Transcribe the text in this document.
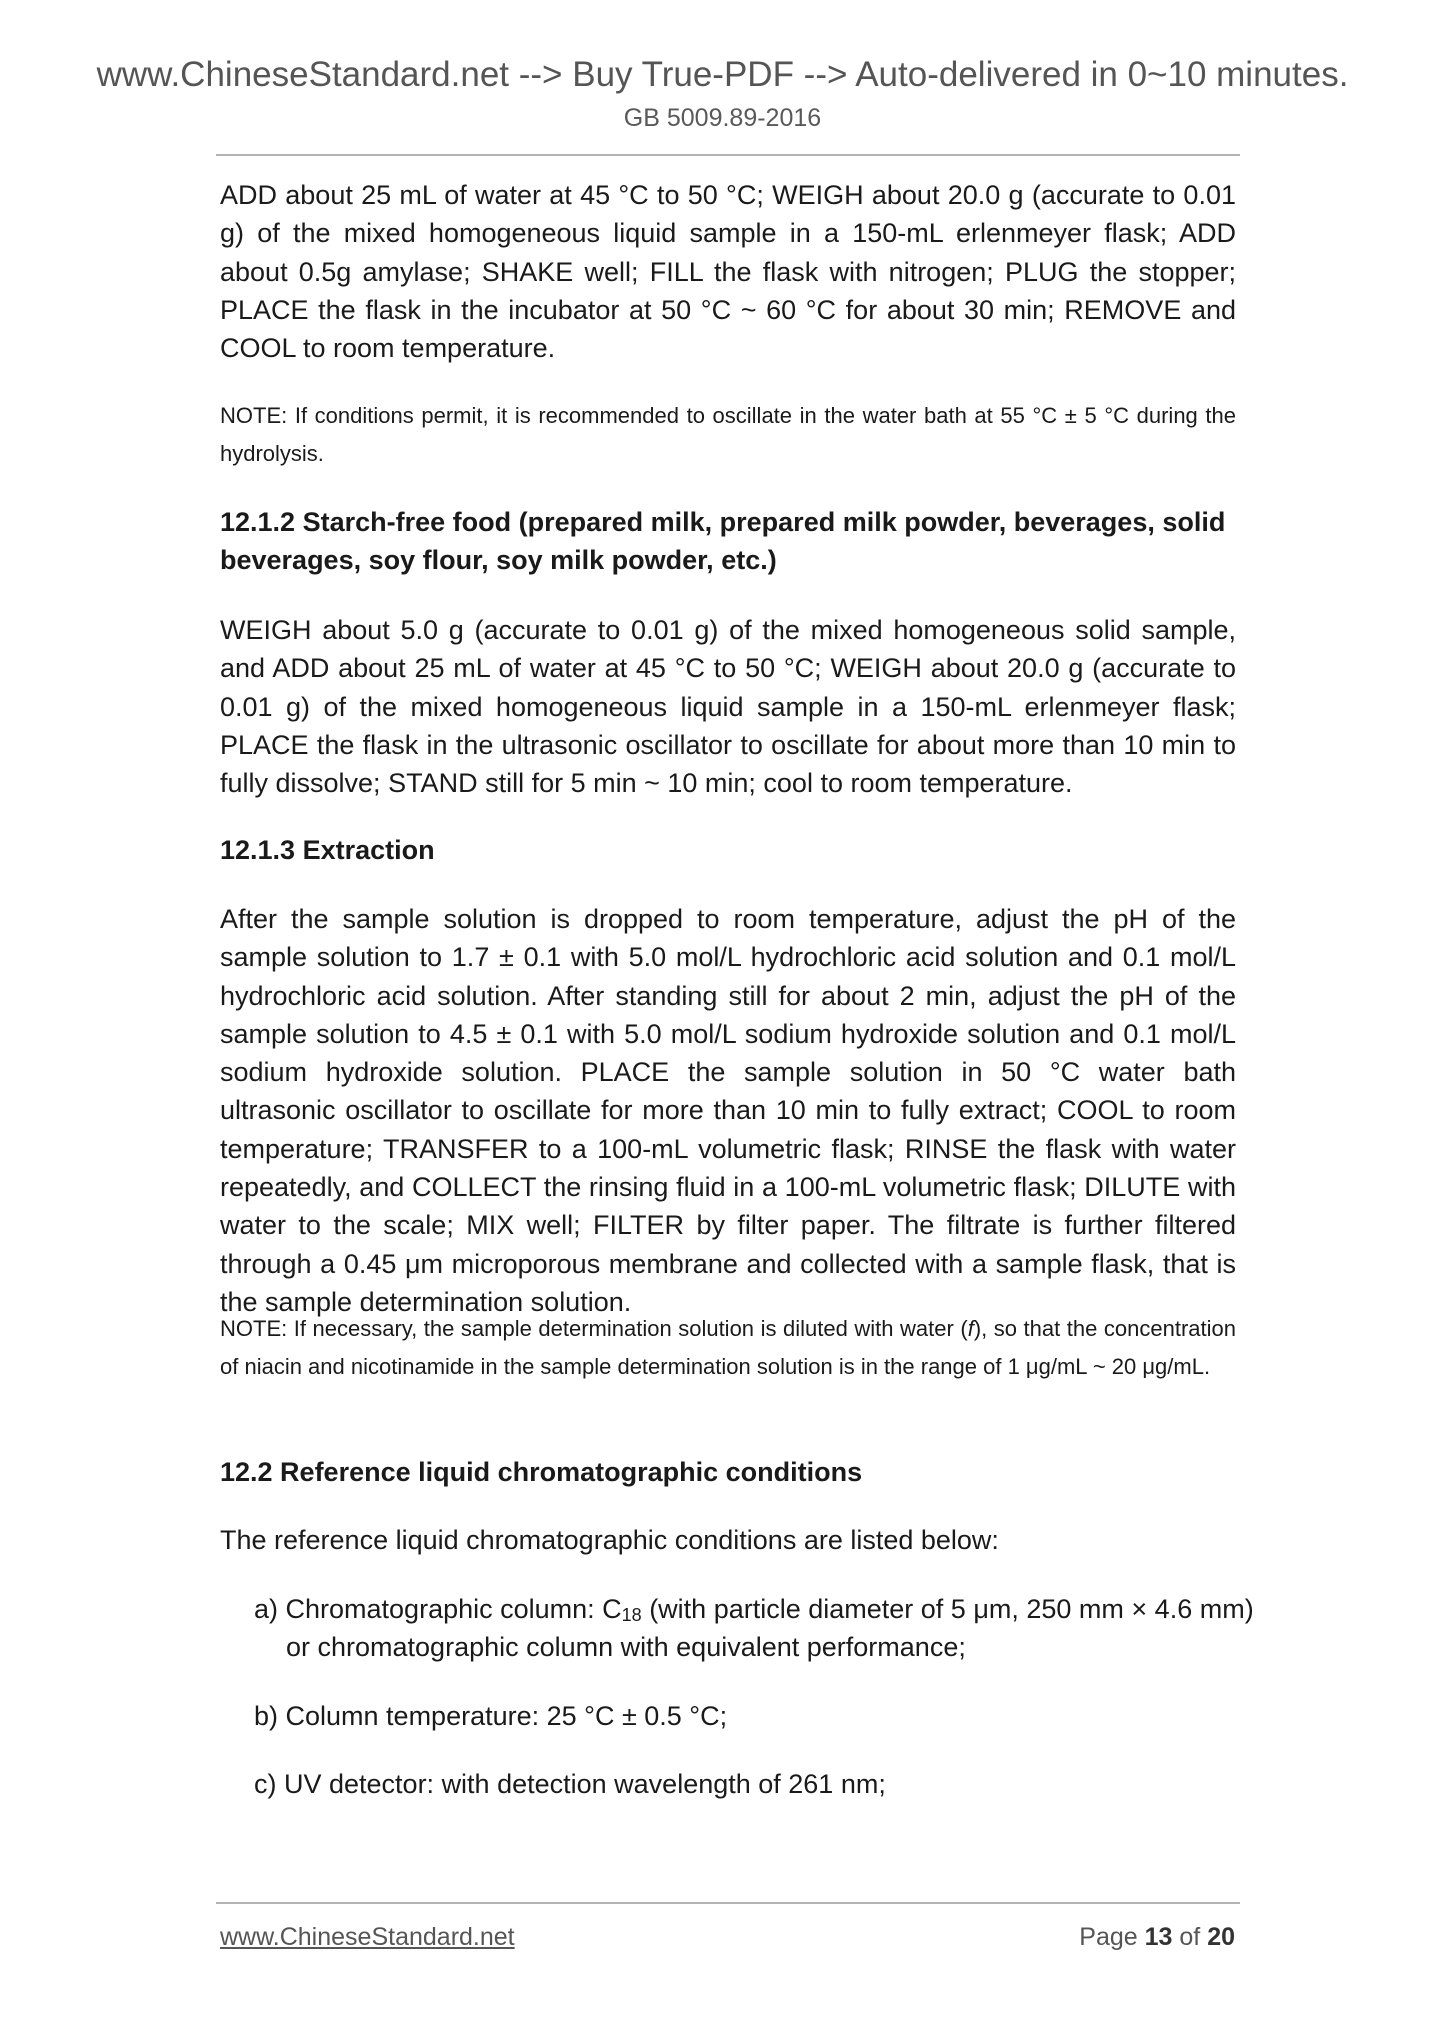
www.ChineseStandard.net --> Buy True-PDF --> Auto-delivered in 0~10 minutes.
GB 5009.89-2016

ADD about 25 mL of water at 45 °C to 50 °C; WEIGH about 20.0 g (accurate to 0.01 g) of the mixed homogeneous liquid sample in a 150-mL erlenmeyer flask; ADD about 0.5g amylase; SHAKE well; FILL the flask with nitrogen; PLUG the stopper; PLACE the flask in the incubator at 50 °C ~ 60 °C for about 30 min; REMOVE and COOL to room temperature.

NOTE: If conditions permit, it is recommended to oscillate in the water bath at 55 °C ± 5 °C during the hydrolysis.

12.1.2 Starch-free food (prepared milk, prepared milk powder, beverages, solid beverages, soy flour, soy milk powder, etc.)

WEIGH about 5.0 g (accurate to 0.01 g) of the mixed homogeneous solid sample, and ADD about 25 mL of water at 45 °C to 50 °C; WEIGH about 20.0 g (accurate to 0.01 g) of the mixed homogeneous liquid sample in a 150-mL erlenmeyer flask; PLACE the flask in the ultrasonic oscillator to oscillate for about more than 10 min to fully dissolve; STAND still for 5 min ~ 10 min; cool to room temperature.

12.1.3 Extraction

After the sample solution is dropped to room temperature, adjust the pH of the sample solution to 1.7 ± 0.1 with 5.0 mol/L hydrochloric acid solution and 0.1 mol/L hydrochloric acid solution. After standing still for about 2 min, adjust the pH of the sample solution to 4.5 ± 0.1 with 5.0 mol/L sodium hydroxide solution and 0.1 mol/L sodium hydroxide solution. PLACE the sample solution in 50 °C water bath ultrasonic oscillator to oscillate for more than 10 min to fully extract; COOL to room temperature; TRANSFER to a 100-mL volumetric flask; RINSE the flask with water repeatedly, and COLLECT the rinsing fluid in a 100-mL volumetric flask; DILUTE with water to the scale; MIX well; FILTER by filter paper. The filtrate is further filtered through a 0.45 μm microporous membrane and collected with a sample flask, that is the sample determination solution.

NOTE: If necessary, the sample determination solution is diluted with water (f), so that the concentration of niacin and nicotinamide in the sample determination solution is in the range of 1 μg/mL ~ 20 μg/mL.

12.2 Reference liquid chromatographic conditions

The reference liquid chromatographic conditions are listed below:

a) Chromatographic column: $C_{18}$ (with particle diameter of 5 μm, 250 mm × 4.6 mm)
or chromatographic column with equivalent performance;

b) Column temperature: 25 °C ± 0.5 °C;

c) UV detector: with detection wavelength of 261 nm;

www.ChineseStandard.net	Page 13 of 20
